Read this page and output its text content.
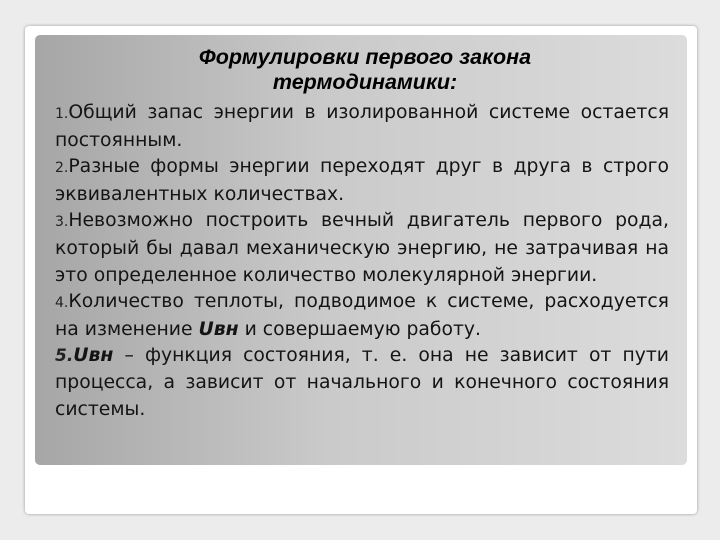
Формулировки первого закона
термодинамики:

1.Общий запас энергии в изолированной системе остается постоянным.

2.Разные формы энергии переходят друг в друга в строго эквивалентных количествах.

3.Невозможно построить вечный двигатель первого рода, который бы давал механическую энергию, не затрачивая на это определенное количество молекулярной энергии.

4.Количество теплоты, подводимое к системе, расходуется на изменение Uвн и совершаемую работу.

5.Uвн – функция состояния, т. е. она не зависит от пути процесса, а зависит от начального и конечного состояния системы.
